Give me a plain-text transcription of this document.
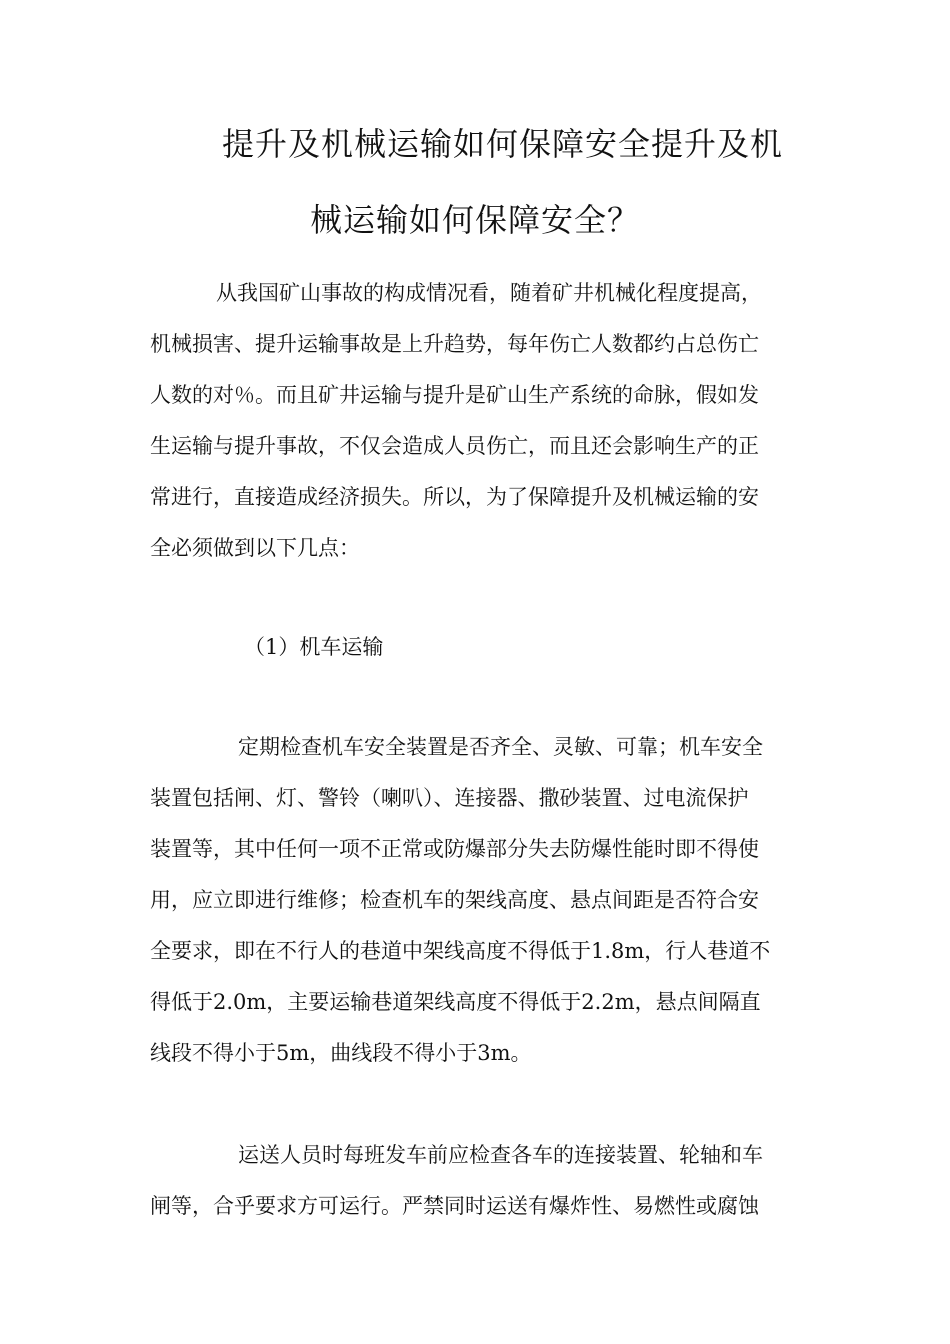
提升及机械运输如何保障安全提升及机
械运输如何保障安全？
从我国矿山事故的构成情况看，随着矿井机械化程度提高，
机械损害、提升运输事故是上升趋势，每年伤亡人数都约占总伤亡
人数的对％。而且矿井运输与提升是矿山生产系统的命脉，假如发
生运输与提升事故，不仅会造成人员伤亡，而且还会影响生产的正
常进行，直接造成经济损失。所以，为了保障提升及机械运输的安
全必须做到以下几点：
（1）机车运输
定期检查机车安全装置是否齐全、灵敏、可靠；机车安全
装置包括闸、灯、警铃（喇叭）、连接器、撒砂装置、过电流保护
装置等，其中任何一项不正常或防爆部分失去防爆性能时即不得使
用，应立即进行维修；检查机车的架线高度、悬点间距是否符合安
全要求，即在不行人的巷道中架线高度不得低于1.8m，行人巷道不
得低于2.0m，主要运输巷道架线高度不得低于2.2m，悬点间隔直
线段不得小于5m，曲线段不得小于3m。
运送人员时每班发车前应检查各车的连接装置、轮轴和车
闸等，合乎要求方可运行。严禁同时运送有爆炸性、易燃性或腐蚀
